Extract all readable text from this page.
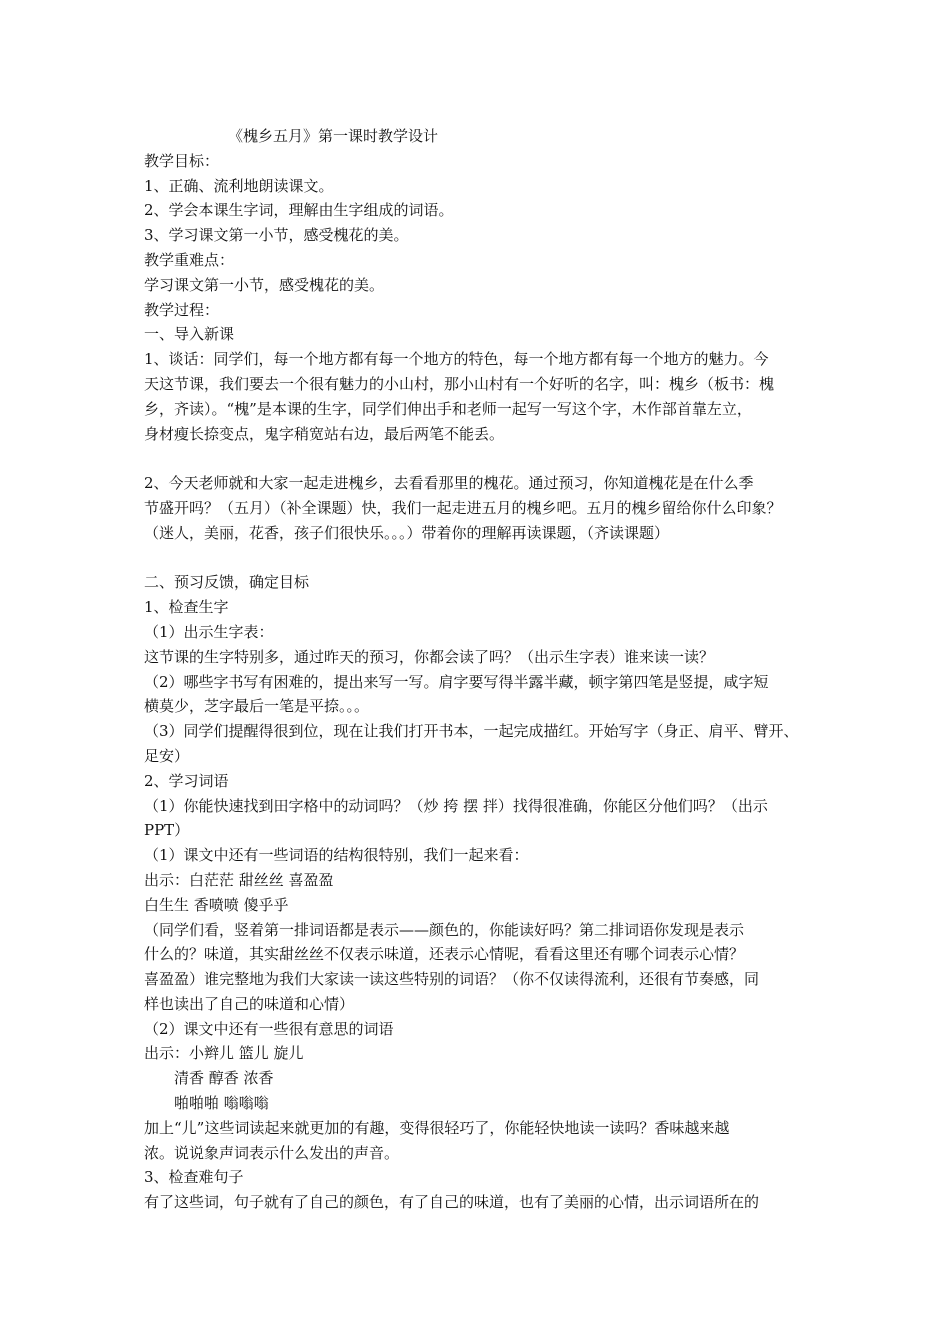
《槐乡五月》第一课时教学设计
教学目标：
1、正确、流利地朗读课文。
2、学会本课生字词，理解由生字组成的词语。
3、学习课文第一小节，感受槐花的美。
教学重难点：
学习课文第一小节，感受槐花的美。
教学过程：
一、导入新课
1、谈话：同学们，每一个地方都有每一个地方的特色，每一个地方都有每一个地方的魅力。今
天这节课，我们要去一个很有魅力的小山村，那小山村有一个好听的名字，叫：槐乡（板书：槐
乡，齐读）。“槐”是本课的生字，同学们伸出手和老师一起写一写这个字，木作部首靠左立，
身材瘦长捺变点，鬼字稍宽站右边，最后两笔不能丢。
2、今天老师就和大家一起走进槐乡，去看看那里的槐花。通过预习，你知道槐花是在什么季
节盛开吗？（五月）（补全课题）快，我们一起走进五月的槐乡吧。五月的槐乡留给你什么印象？
（迷人，美丽，花香，孩子们很快乐。。。）带着你的理解再读课题，（齐读课题）
二、预习反馈，确定目标
1、检查生字
（1）出示生字表：
这节课的生字特别多，通过昨天的预习，你都会读了吗？（出示生字表）谁来读一读？
（2）哪些字书写有困难的，提出来写一写。肩字要写得半露半藏，顿字第四笔是竖提，咸字短
横莫少，芝字最后一笔是平捺。。。
（3）同学们提醒得很到位，现在让我们打开书本，一起完成描红。开始写字（身正、肩平、臂开、
足安）
2、学习词语
（1）你能快速找到田字格中的动词吗？（炒 挎 摆 拌）找得很准确，你能区分他们吗？（出示
PPT）
（1）课文中还有一些词语的结构很特别，我们一起来看：
出示：白茫茫 甜丝丝 喜盈盈
白生生 香喷喷 傻乎乎
（同学们看，竖着第一排词语都是表示——颜色的，你能读好吗？第二排词语你发现是表示
什么的？味道，其实甜丝丝不仅表示味道，还表示心情呢，看看这里还有哪个词表示心情？
喜盈盈）谁完整地为我们大家读一读这些特别的词语？（你不仅读得流利，还很有节奏感，同
样也读出了自己的味道和心情）
（2）课文中还有一些很有意思的词语
出示：小辫儿 篮儿 旋儿
清香 醇香 浓香
啪啪啪 嗡嗡嗡
加上“儿”这些词读起来就更加的有趣，变得很轻巧了，你能轻快地读一读吗？香味越来越
浓。说说象声词表示什么发出的声音。
3、检查难句子
有了这些词，句子就有了自己的颜色，有了自己的味道，也有了美丽的心情，出示词语所在的
